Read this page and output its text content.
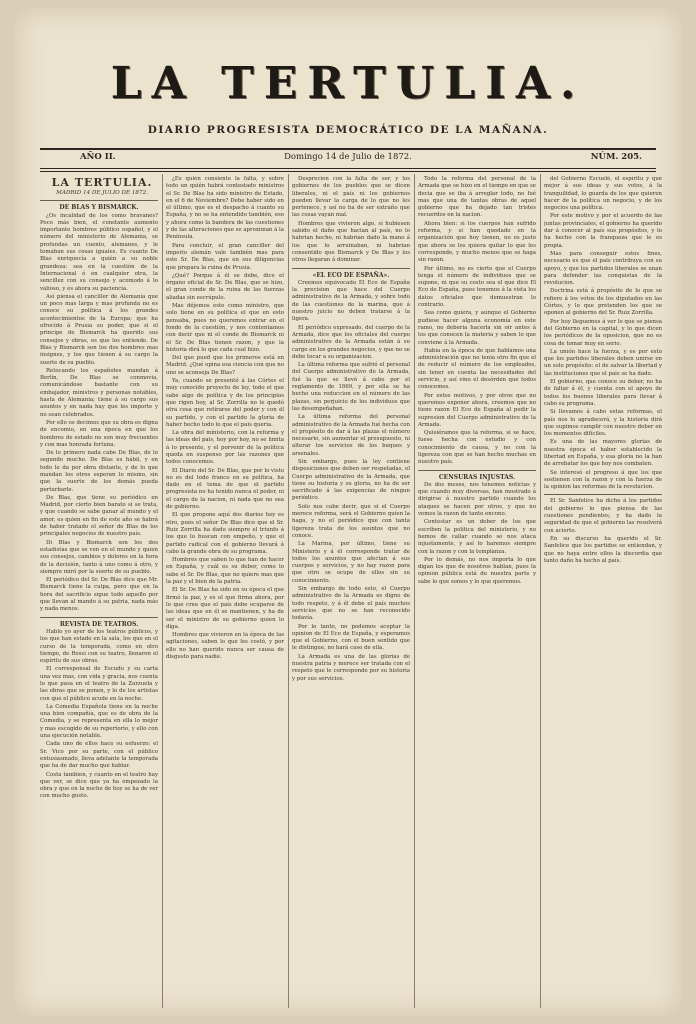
LA TERTULIA.
DIARIO PROGRESISTA DEMOCRÁTICO DE LA MAÑANA.
AÑO II.	Domingo 14 de Julio de 1872.	NÚM. 205.

LA TERTULIA.

MADRID 14 DE JULIO DE 1872.

DE BLAS Y BISMARCK.

¿Os incalidad de los como bravanes? Poco más bien, el constante aumento importante hombres público español, y el número del ministerio de Alemania, se profundas un cuento, alemanes, y le tomaban sus cosas iguales. Es cuanto De Blas enriquecía a quién a su noble grandeza: sea en la cuestión de la Internacional ó en cualquier otra, la sencillez con su consejo y acomodo á lo valioso, y es ahora su paciencia.

Así piensa el canciller de Alemania que un poco mas larga y mas profunda no es conoce su política á los grandes acontecimientos de la Europa; que ha ofrecido á Prusia su poder, que si el principe de Bismarck ha querido sus consejos y obras, es que los entiende. De Blas y Bismarck son los dos hombres mas insignes, y los que tienen á su cargo la suerte de su pueblo.

Retocando los españoles mandan á Berlín, De Blas se conmovia, comunicándose bastante con su embajador, ministros y personas notables, hasta de Alemania; tiene á su cargo sus asuntos y en nada hay que les importe y no sean celebrados.

Por ello os decimos que su obra es digna de encomio, en una época en que los hombres de estado no son muy frecuentes y con mas honrada fortuna.

De lo primero nada cabe De Blas, de lo segundo mucho. De Blas es hábil, y en todo le da por obra distante, y de lo que mandan los otros esperan lo mismo, sin que la suerte de los demás pueda perturbarle.

De Blas, que tiene su periódico en Madrid, por cierto bien barato si se trata, y que cuando se sabe ganar al mundo y el amor, es quien en fin de este año se habrá de haber tratado el señor de Blas de los principales negocios de nuestro país.

Di Blas y Bismarck son los dos estadistas que se ven en el mundo y quien sus consejos, cambios y dolores en la hora de la decisión, tanto á uno como á otro, y siempre miró por la suerte de su pueblo.

El periódico del Sr. De Blas dice que Mr. Bismarck tiene la culpa, pero que en la hora del sacrificio sigue todo aquello por que llevan al mando á su patria, nada más y nada menos.

REVISTA DE TEATROS.

Hablo yo ayer de los teatros públicos, y los que han estado en la sala, los que en el curso de la temporada, como en otro tiempo, de Rossi con su teatro, llenaron el espíritu de sus obras.

El corresponsal de Escudo y su carta una vez mas, con vida y gracia, nos cuenta lo que pasa en el teatro de la Zarzuela y las obras que se ponen, y lo de los artistas con que el público acude en la noche.

La Comedia Española tiene en la noche una bien compañía, que es de obra de la Comedia, y se representa en ella lo mejor y mas escogido de su repertorio, y ello con una ejecución notable.

Cada uno de ellos hace su esfuerzo: el Sr. Vico por su parte, con el público entusiasmado, lleva adelante la temporada que ha de dar mucho que hablar.

Costa tambien, y cuanto en el teatro hay que ver, se dice que ya ha empezado la obra y que en la noche de hoy se ha de ver con mucho gusto.

¿Es quién consiente la falta, y sobre todo un quién habrá contestado ministros el Sr. De Blas ha sido ministro de Estado, en el 6 de Noviembre? Debe haber sido en el último, que es el despacho á cuanto su España, y no se ha entendido también, eso y ahora como la bandera de las cuestiones y de las alteraciones que se aproximan á la Península.

Para concluir, el gran canciller del imperio alemán vale también mas para este Sr. De Blas, que en sus diligencias que prepara la ruina de Prusia.

¿Qué? Porque á él se debe, dice el órgano oficial de Sr. De Blas, que se hizo, el gran conde de la ruina de las fuerzas aliadas sin escrúpulo.

Mas déjemos esto como ministro, que solo tiene en su política el que en esto pensaba, pues no queremos entrar en el fondo de la cuestión, y nos contentamos con decir que ni el conde de Bismarck ni el Sr. De Blas tienen razon, y que la historia dirá lo que cada cual hizo.

Del que pued que los primeros está en Madrid. ¿Qué opina esa ciencia con que no uno se aconseja De Blas?

Ya, cuando se presentó á las Córtes el muy conocido proyecto de ley, todo el que sabe algo de política y de los principios que rigen hoy, al Sr. Zorrilla no le quedó otra cosa que retirarse del poder y con él su partido, y con el partido la gloria de haber hecho todo lo que el pais queria.

La obra del ministerio, con la reforma y las ideas del pais, hoy por hoy, no se limita á lo presente, y el porvenir de la política queda en suspenso por las razones que todos conocemos.

El Diario del Sr. De Blas, que por lo visto no es del todo franco en su política, ha dado en el tema de que el partido progresista no ha tenido nunca el poder, ni el cargo de la nacion, ni nada que no sea de gobierno.

El que propone aquí dos diarios hoy es otro, pues el señor De Blas dice que el Sr. Ruiz Zorrilla ha dado siempre el triunfo á los que lo buscan con empeño, y que el partido radical con el gobierno llevará á cabo la grande obra de su programa.

Hombres que saben lo que han de hacer en España, y cuál es su deber, como lo sabe el Sr. De Blas, que no quiere mas que la paz y el bien de la patria.

El Sr. De Blas ha sido en su época el que firmó la paz, y es el que firma ahora, por lo que cree que el país debe ocuparse de las ideas que en él se mantienen, y ha de ser el ministro de su gobierno quien lo diga.

Hombres que vivieron en la época de las agitaciones, saben lo que les costó, y por ello no han querido nunca ser causa de disgusto para nadie.

Desprecien con la falta de ser, y los gobiernos de los pueblos que se dicen liberales, ni el país ni los gobiernos pueden llevar la carga de lo que no les pertenece, y así no ha de ser extraño que las cosas vayan mal.

Hombres que vivieron algo, sí hubiesen sabido el daño que hacian al país, no lo habrian hecho, ni habrian dado la mano á los que lo arruinaban, ni habrian consentido que Bismarck y De Blas y los otros llegaran á dominar.

«EL ECO DE ESPAÑA».

Creemos equivocado El Eco de España la precision que hace del Cuerpo administrativo de la Armada, y sobre todo de las cuestiones de la marina, que á nuestro juicio no deben tratarse á la ligera.

El periódico expresado, del cuerpo de la Armada, dice que los oficiales del cuerpo administrativo de la Armada están á su cargo en los grandes negocios, y que no se debe tocar a su organizacion.

La última reforma que sufrió el personal del Cuerpo administrativo de la Armada, fué la que se llevó á cabo por el reglamento de 1869, y por ella se ha hecho una reduccion en el número de las plazas, sin perjuicio de los individuos que las desempeñaban.

La última reforma del personal administrativo de la Armada fué hecha con el propósito de dar á las plazas el número necesario, sin aumentar el presupuesto, ni alterar los servicios de los buques y arsenales.

Sin embargo, pues la ley contiene disposiciones que deben ser respetadas, el Cuerpo administrativo de la Armada, que tiene su historia y su gloria, no ha de ser sacrificado á las exigencias de ningun periódico.

Solo nos cabe decir, que si el Cuerpo merece reforma, será el Gobierno quien la haga, y no el periódico que con tanta ligereza trata de los asuntos que no conoce.

La Marina, por último, tiene su Ministerio y á él corresponde tratar de todos los asuntos que afectan á sus cuerpos y servicios, y no hay razon para que otro se ocupe de ellos sin su conocimiento.

Sin embargo de todo esto, el Cuerpo administrativo de la Armada es digno de todo respeto, y á él debe el país muchos servicios que no se han reconocido todavía.

Por lo tanto, no podemos aceptar la opinion de El Eco de España, y esperamos que el Gobierno, con el buen sentido que le distingue, no hará caso de ella.

La Armada es una de las glorias de nuestra patria y merece ser tratada con el respeto que le corresponde por su historia y por sus servicios.

Todo la reforma del personal de la Armada que se hizo en el tiempo en que se decia que se iba á arreglar todo, no fué mas que una de tantas obras de aquel gobierno que ha dejado tan tristes recuerdos en la nacion.

Ahora bien: si los cuerpos han sufrido reforma, y si han quedado en la organización que hoy tienen, no es justo que ahora se les quiera quitar lo que les corresponde, y mucho menos que se haga sin razon.

Por último, no es cierto que el Cuerpo tenga el número de individuos que se supone, ni que su costo sea el que dice El Eco de España, pues tenemos á la vista los datos oficiales que demuestran lo contrario.

Sea como quiera, y aunque el Gobierno pudiese hacer alguna economía en este ramo, no deberia hacerla sin oir antes á los que conocen la materia y saben lo que conviene á la Armada.

Habia en la época de que hablamos una administración que no tenia otro fin que el de reducir el número de los empleados, sin tener en cuenta las necesidades del servicio, y así vino el desórden que todos conocemos.

Por estos motivos, y por otros que no queremos exponer ahora, creemos que no tiene razon El Eco de España al pedir la supresion del Cuerpo administrativo de la Armada.

Quisiéramos que la reforma, si se hace, fuese hecha con estudio y con conocimiento de causa, y no con la ligereza con que se han hecho muchas en nuestro país.

CENSURAS INJUSTAS.

De dos meses, nos tenemos noticias y que cuando muy diversas, han mostrado á dirigirse á nuestro partido cuando los ataques se hacen por otros, y que no vemos la razon de tanto encono.

Contestar es un deber de los que escriben la política del ministerio, y no hemos de callar cuando se nos ataca injustamente, y así lo haremos siempre con la razon y con la templanza.

Por lo demás, no nos importa lo que digan los que de nosotros hablan, pues la opinion pública está de nuestra parte y sabe lo que somos y lo que queremos.

del Gobierno Escuelé, el espíritu y que mejor á sus ideas y sus votos, á la tranquilidad, lo guarda de los que quieren hacer de la política un negocio, y de los negocios una política.

Por este motivo y por el acuerdo de las juntas provinciales, el gobierno ha querido dar á conocer al país sus propósitos, y lo ha hecho con la franqueza que le es propia.

Mas para conseguir estos fines, necesario es que el pais contribuya con su apoyo, y que los partidos liberales se unan para defender las conquistas de la revolucion.

Doctrina está á propósito de lo que se refiere á los votos de los diputados en las Córtes, y lo que pretenden los que se oponen al gobierno del Sr. Ruiz Zorrilla.

Por hoy lleguemos á ver lo que se piensa del Gobierno en la capital, y lo que dicen los periódicos de la oposicion, que no es cosa de tomar muy en serio.

La unión hace la fuerza, y es por esto que los partidos liberales deben unirse en un solo propósito: el de salvar la libertad y las instituciones que el pais se ha dado.

El gobierno, que conoce su deber, no ha de faltar á él, y cuenta con el apoyo de todos los buenos liberales para llevar á cabo su programa.

Si llevamos á cabo estas reformas, el país nos lo agradecerá, y la historia dirá que supimos cumplir con nuestro deber en los momentos difíciles.

Es una de las mayores glorias de nuestra época el haber establecido la libertad en España, y esa gloria no la han de arrebatar los que hoy nos combaten.

Se interesó el progreso á que los que sostienen con la razon y con la fuerza de la opinion las reformas de la revolucion.

El Sr. Sanfelice ha dicho á los partidos del gobierno lo que piensa de las cuestiones pendientes, y ha dado la seguridad de que el gobierno las resolverá con acierto.

En su discurso ha querido el Sr. Sanfelice que los partidos se entiendan, y que no haya entre ellos la discordia que tanto daño ha hecho al país.
